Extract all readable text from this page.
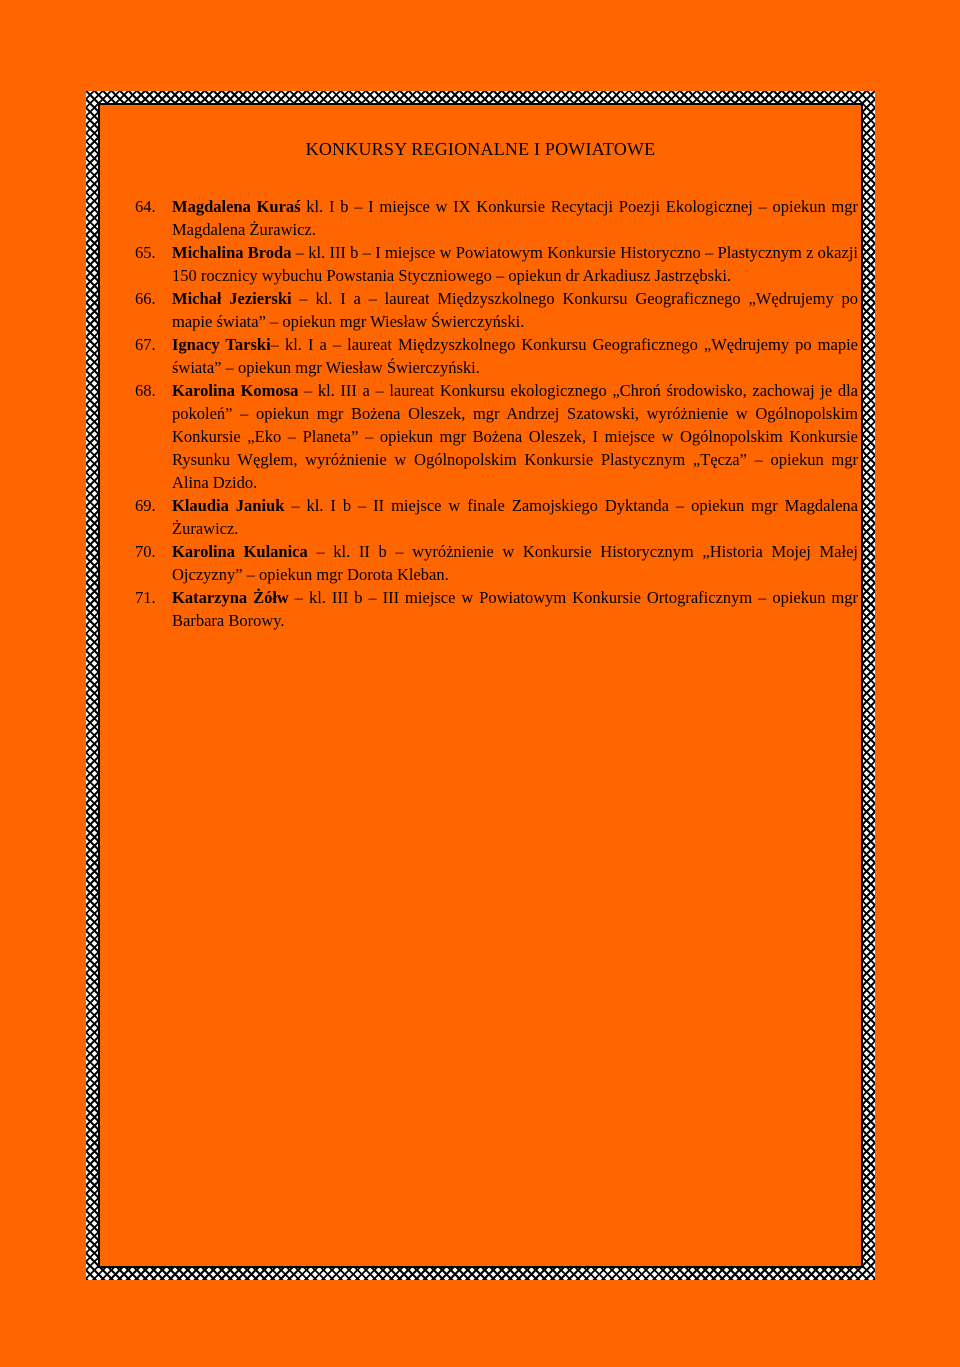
KONKURSY REGIONALNE I POWIATOWE
64. Magdalena Kuraś kl. I b – I miejsce w IX Konkursie Recytacji Poezji Ekologicznej – opiekun mgr Magdalena Żurawicz.
65. Michalina Broda – kl. III b – I miejsce w Powiatowym Konkursie Historyczno – Plastycznym z okazji 150 rocznicy wybuchu Powstania Styczniowego – opiekun dr Arkadiusz Jastrzębski.
66. Michał Jezierski – kl. I a – laureat Międzyszkolnego Konkursu Geograficznego „Wędrujemy po mapie świata” – opiekun mgr Wiesław Świerczyński.
67. Ignacy Tarski– kl. I a – laureat Międzyszkolnego Konkursu Geograficznego „Wędrujemy po mapie świata” – opiekun mgr Wiesław Świerczyński.
68. Karolina Komosa – kl. III a – laureat Konkursu ekologicznego „Chroń środowisko, zachowaj je dla pokoleń” – opiekun mgr Bożena Oleszek, mgr Andrzej Szatowski, wyróżnienie w Ogólnopolskim Konkursie „Eko – Planeta” – opiekun mgr Bożena Oleszek, I miejsce w Ogólnopolskim Konkursie Rysunku Węglem, wyróżnienie w Ogólnopolskim Konkursie Plastycznym „Tęcza” – opiekun mgr Alina Dzido.
69. Klaudia Janiuk – kl. I b – II miejsce w finale Zamojskiego Dyktanda – opiekun mgr Magdalena Żurawicz.
70. Karolina Kulanica – kl. II b – wyróżnienie w Konkursie Historycznym „Historia Mojej Małej Ojczyzny” – opiekun mgr Dorota Kleban.
71. Katarzyna Żółw – kl. III b – III miejsce w Powiatowym Konkursie Ortograficznym – opiekun mgr Barbara Borowy.
